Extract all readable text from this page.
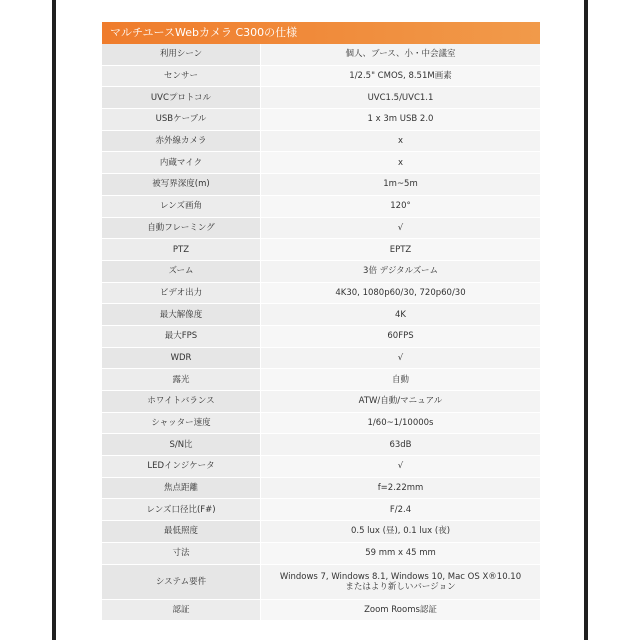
マルチユースWebカメラ C300の仕様
利用シーン	個人、ブース、小・中会議室
センサー	1/2.5" CMOS, 8.51M画素
UVCプロトコル	UVC1.5/UVC1.1
USBケーブル	1 x 3m USB 2.0
赤外線カメラ	x
内蔵マイク	x
被写界深度(m)	1m~5m
レンズ画角	120°
自動フレーミング	√
PTZ	EPTZ
ズーム	3倍 デジタルズーム
ビデオ出力	4K30, 1080p60/30, 720p60/30
最大解像度	4K
最大FPS	60FPS
WDR	√
露光	自動
ホワイトバランス	ATW/自動/マニュアル
シャッター速度	1/60~1/10000s
S/N比	63dB
LEDインジケータ	√
焦点距離	f=2.22mm
レンズ口径比(F#)	F/2.4
最低照度	0.5 lux (昼), 0.1 lux (夜)
寸法	59 mm x 45 mm
システム要件	Windows 7, Windows 8.1, Windows 10, Mac OS X®10.10
またはより新しいバージョン

認証	Zoom Rooms認証
